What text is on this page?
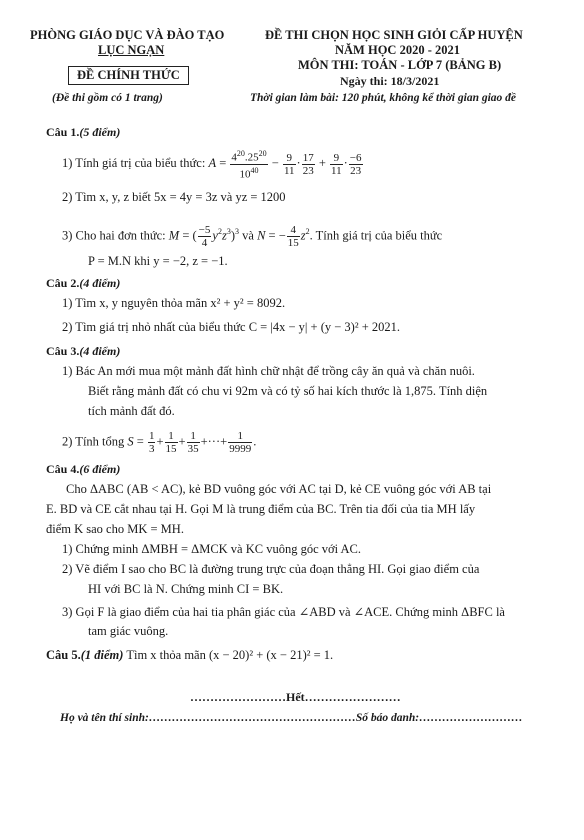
PHÒNG GIÁO DỤC VÀ ĐÀO TẠO
LỤC NGẠN
ĐỀ CHÍNH THỨC
(Đề thi gồm có 1 trang)
ĐỀ THI CHỌN HỌC SINH GIỎI CẤP HUYỆN
NĂM HỌC 2020 - 2021
MÔN THI: TOÁN - LỚP 7 (BẢNG B)
Ngày thi: 18/3/2021
Thời gian làm bài: 120 phút, không kể thời gian giao đề
Câu 1.(5 điểm)
1) Tính giá trị của biểu thức: $A = \frac{4^{20}.25^{20}}{10^{40}} - \frac{9}{11} \cdot \frac{17}{23} + \frac{9}{11} \cdot \frac{-6}{23}$
2) Tìm x, y, z biết 5x = 4y = 3z và yz = 1200
3) Cho hai đơn thức: M = ( $\frac{-5}{4} y^2z^3)^3$ và N = − $\frac{4}{15} z^2$. Tính giá trị của biểu thức
P = M.N khi y = −2, z = −1.
Câu 2.(4 điểm)
1) Tìm x, y nguyên thỏa mãn x² + y² = 8092.
2) Tìm giá trị nhỏ nhất của biểu thức C = |4x − y| + (y − 3)² + 2021.
Câu 3.(4 điểm)
1) Bác An mới mua một mảnh đất hình chữ nhật để trồng cây ăn quả và chăn nuôi.
Biết rằng mảnh đất có chu vi 92m và có tỷ số hai kích thước là 1,875. Tính diện
tích mảnh đất đó.
2) Tính tổng $S = \frac{1}{3} + \frac{1}{15} + \frac{1}{35}$ +···+ $\frac{1}{9999}$ .
Câu 4.(6 điểm)
Cho ΔABC (AB < AC), kẻ BD vuông góc với AC tại D, kẻ CE vuông góc với AB tại
E. BD và CE cắt nhau tại H. Gọi M là trung điểm của BC. Trên tia đối của tia MH lấy
điểm K sao cho MK = MH.
1) Chứng minh ΔMBH = ΔMCK và KC vuông góc với AC.
2) Vẽ điểm I sao cho BC là đường trung trực của đoạn thẳng HI. Gọi giao điểm của
HI với BC là N. Chứng minh CI = BK.
3) Gọi F là giao điểm của hai tia phân giác của ∠ABD và ∠ACE. Chứng minh ΔBFC là
tam giác vuông.
Câu 5.(1 điểm) Tìm x thỏa mãn (x − 20)² + (x − 21)² = 1.
……………………Hết……………………
Họ và tên thí sinh:………………………………………………Số báo danh:………………………
